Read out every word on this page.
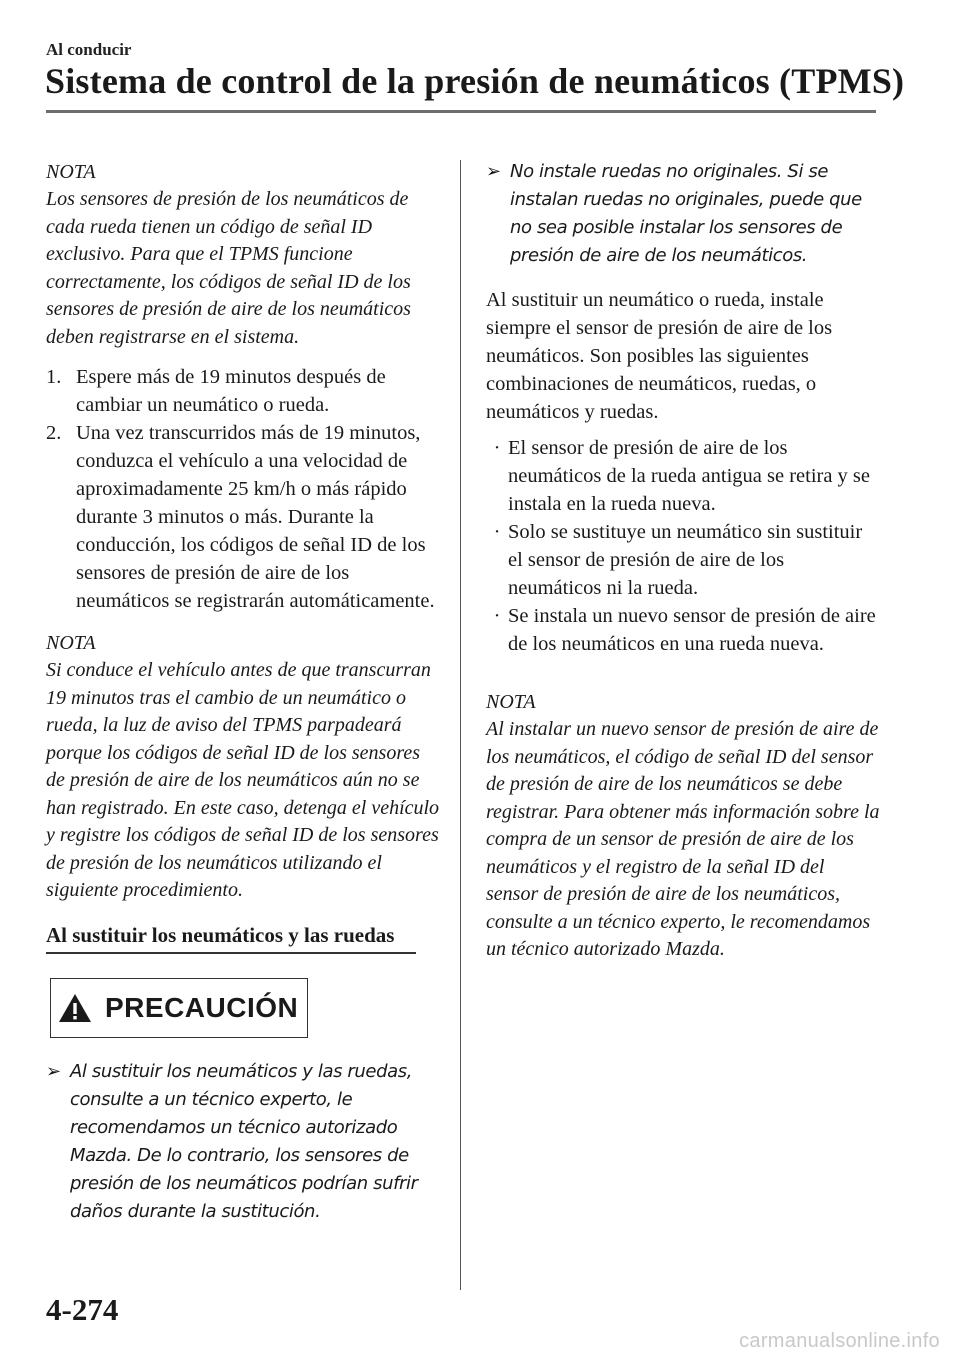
Al conducir
Sistema de control de la presión de neumáticos (TPMS)
NOTA

Los sensores de presión de los neumáticos de cada rueda tienen un código de señal ID exclusivo. Para que el TPMS funcione correctamente, los códigos de señal ID de los sensores de presión de aire de los neumáticos deben registrarse en el sistema.

1. Espere más de 19 minutos después de cambiar un neumático o rueda.
2. Una vez transcurridos más de 19 minutos, conduzca el vehículo a una velocidad de aproximadamente 25 km/h o más rápido durante 3 minutos o más. Durante la conducción, los códigos de señal ID de los sensores de presión de aire de los neumáticos se registrarán automáticamente.
NOTA

Si conduce el vehículo antes de que transcurran 19 minutos tras el cambio de un neumático o rueda, la luz de aviso del TPMS parpadeará porque los códigos de señal ID de los sensores de presión de aire de los neumáticos aún no se han registrado. En este caso, detenga el vehículo y registre los códigos de señal ID de los sensores de presión de los neumáticos utilizando el siguiente procedimiento.

Al sustituir los neumáticos y las ruedas
PRECAUCIÓN
➢ Al sustituir los neumáticos y las ruedas, consulte a un técnico experto, le recomendamos un técnico autorizado Mazda. De lo contrario, los sensores de presión de los neumáticos podrían sufrir daños durante la sustitución.
➢ No instale ruedas no originales. Si se instalan ruedas no originales, puede que no sea posible instalar los sensores de presión de aire de los neumáticos.

Al sustituir un neumático o rueda, instale siempre el sensor de presión de aire de los neumáticos. Son posibles las siguientes combinaciones de neumáticos, ruedas, o neumáticos y ruedas.

· El sensor de presión de aire de los neumáticos de la rueda antigua se retira y se instala en la rueda nueva.
· Solo se sustituye un neumático sin sustituir el sensor de presión de aire de los neumáticos ni la rueda.
· Se instala un nuevo sensor de presión de aire de los neumáticos en una rueda nueva.
NOTA

Al instalar un nuevo sensor de presión de aire de los neumáticos, el código de señal ID del sensor de presión de aire de los neumáticos se debe registrar. Para obtener más información sobre la compra de un sensor de presión de aire de los neumáticos y el registro de la señal ID del sensor de presión de aire de los neumáticos, consulte a un técnico experto, le recomendamos un técnico autorizado Mazda.

4-274
carmanualsonline.info
